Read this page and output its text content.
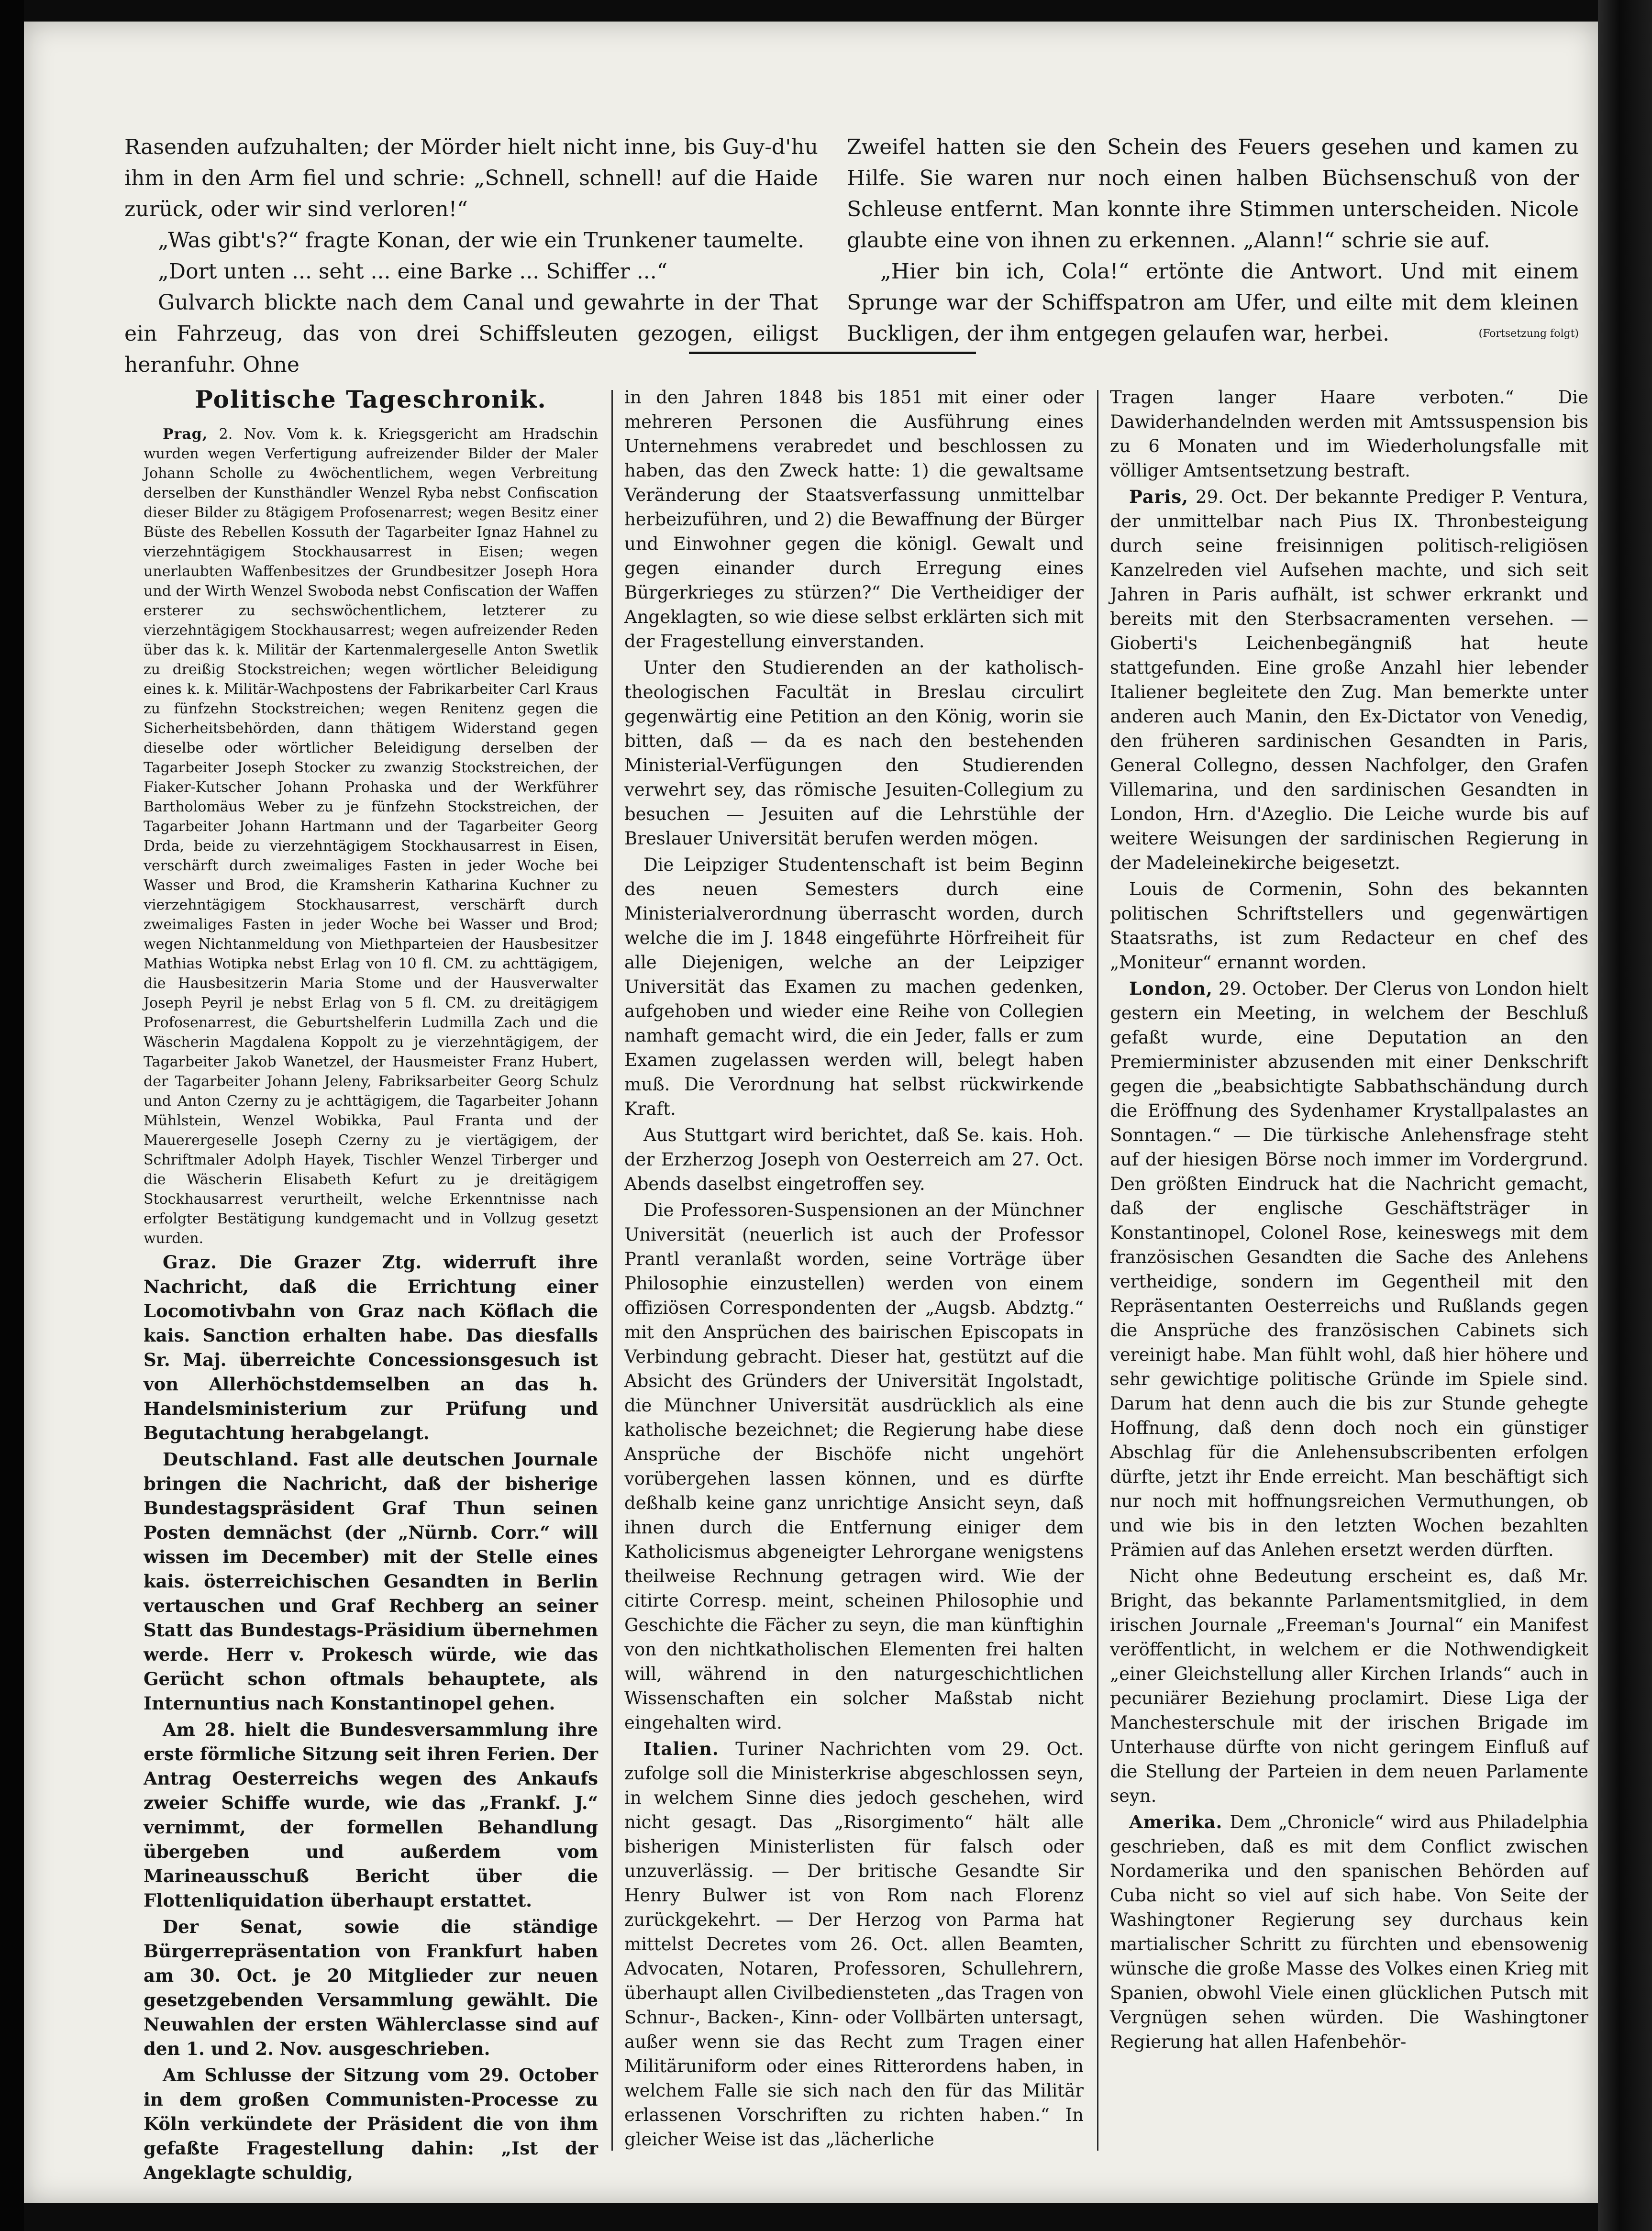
Rasenden aufzuhalten; der Mörder hielt nicht inne, bis Guy-d'hu ihm in den Arm fiel und schrie: „Schnell, schnell! auf die Haide zurück, oder wir sind verloren!“

„Was gibt's?“ fragte Konan, der wie ein Trunkener taumelte.

„Dort unten ... seht ... eine Barke ... Schiffer ...“

Gulvarch blickte nach dem Canal und gewahrte in der That ein Fahrzeug, das von drei Schiffsleuten gezogen, eiligst heranfuhr. Ohne

Zweifel hatten sie den Schein des Feuers gesehen und kamen zu Hilfe. Sie waren nur noch einen halben Büchsenschuß von der Schleuse entfernt. Man konnte ihre Stimmen unterscheiden. Nicole glaubte eine von ihnen zu erkennen. „Alann!“ schrie sie auf.

„Hier bin ich, Cola!“ ertönte die Antwort. Und mit einem Sprunge war der Schiffspatron am Ufer, und eilte mit dem kleinen Buckligen, der ihm entgegen gelaufen war, herbei.	(Fortsetzung folgt)

Politische Tageschronik.

Prag, 2. Nov. Vom k. k. Kriegsgericht am Hradschin wurden wegen Verfertigung aufreizender Bilder der Maler Johann Scholle zu 4wöchentlichem, wegen Verbreitung derselben der Kunsthändler Wenzel Ryba nebst Confiscation dieser Bilder zu 8tägigem Profosenarrest; wegen Besitz einer Büste des Rebellen Kossuth der Tagarbeiter Ignaz Hahnel zu vierzehntägigem Stockhausarrest in Eisen; wegen unerlaubten Waffenbesitzes der Grundbesitzer Joseph Hora und der Wirth Wenzel Swoboda nebst Confiscation der Waffen ersterer zu sechswöchentlichem, letzterer zu vierzehntägigem Stockhausarrest; wegen aufreizender Reden über das k. k. Militär der Kartenmalergeselle Anton Swetlik zu dreißig Stockstreichen; wegen wörtlicher Beleidigung eines k. k. Militär-Wachpostens der Fabrikarbeiter Carl Kraus zu fünfzehn Stockstreichen; wegen Renitenz gegen die Sicherheitsbehörden, dann thätigem Widerstand gegen dieselbe oder wörtlicher Beleidigung derselben der Tagarbeiter Joseph Stocker zu zwanzig Stockstreichen, der Fiaker-Kutscher Johann Prohaska und der Werkführer Bartholomäus Weber zu je fünfzehn Stockstreichen, der Tagarbeiter Johann Hartmann und der Tagarbeiter Georg Drda, beide zu vierzehntägigem Stockhausarrest in Eisen, verschärft durch zweimaliges Fasten in jeder Woche bei Wasser und Brod, die Kramsherin Katharina Kuchner zu vierzehntägigem Stockhausarrest, verschärft durch zweimaliges Fasten in jeder Woche bei Wasser und Brod; wegen Nichtanmeldung von Miethparteien der Hausbesitzer Mathias Wotipka nebst Erlag von 10 fl. CM. zu achttägigem, die Hausbesitzerin Maria Stome und der Hausverwalter Joseph Peyril je nebst Erlag von 5 fl. CM. zu dreitägigem Profosenarrest, die Geburtshelferin Ludmilla Zach und die Wäscherin Magdalena Koppolt zu je vierzehntägigem, der Tagarbeiter Jakob Wanetzel, der Hausmeister Franz Hubert, der Tagarbeiter Johann Jeleny, Fabriksarbeiter Georg Schulz und Anton Czerny zu je achttägigem, die Tagarbeiter Johann Mühlstein, Wenzel Wobikka, Paul Franta und der Mauerergeselle Joseph Czerny zu je viertägigem, der Schriftmaler Adolph Hayek, Tischler Wenzel Tirberger und die Wäscherin Elisabeth Kefurt zu je dreitägigem Stockhausarrest verurtheilt, welche Erkenntnisse nach erfolgter Bestätigung kundgemacht und in Vollzug gesetzt wurden.

Graz. Die Grazer Ztg. widerruft ihre Nachricht, daß die Errichtung einer Locomotivbahn von Graz nach Köflach die kais. Sanction erhalten habe. Das diesfalls Sr. Maj. überreichte Concessionsgesuch ist von Allerhöchstdemselben an das h. Handelsministerium zur Prüfung und Begutachtung herabgelangt.

Deutschland. Fast alle deutschen Journale bringen die Nachricht, daß der bisherige Bundestagspräsident Graf Thun seinen Posten demnächst (der „Nürnb. Corr.“ will wissen im December) mit der Stelle eines kais. österreichischen Gesandten in Berlin vertauschen und Graf Rechberg an seiner Statt das Bundestags-Präsidium übernehmen werde. Herr v. Prokesch würde, wie das Gerücht schon oftmals behauptete, als Internuntius nach Konstantinopel gehen.

Am 28. hielt die Bundesversammlung ihre erste förmliche Sitzung seit ihren Ferien. Der Antrag Oesterreichs wegen des Ankaufs zweier Schiffe wurde, wie das „Frankf. J.“ vernimmt, der formellen Behandlung übergeben und außerdem vom Marineausschuß Bericht über die Flottenliquidation überhaupt erstattet.

Der Senat, sowie die ständige Bürgerrepräsentation von Frankfurt haben am 30. Oct. je 20 Mitglieder zur neuen gesetzgebenden Versammlung gewählt. Die Neuwahlen der ersten Wählerclasse sind auf den 1. und 2. Nov. ausgeschrieben.

Am Schlusse der Sitzung vom 29. October in dem großen Communisten-Processe zu Köln verkündete der Präsident die von ihm gefaßte Fragestellung dahin: „Ist der Angeklagte schuldig,

in den Jahren 1848 bis 1851 mit einer oder mehreren Personen die Ausführung eines Unternehmens verabredet und beschlossen zu haben, das den Zweck hatte: 1) die gewaltsame Veränderung der Staatsverfassung unmittelbar herbeizuführen, und 2) die Bewaffnung der Bürger und Einwohner gegen die königl. Gewalt und gegen einander durch Erregung eines Bürgerkrieges zu stürzen?“ Die Vertheidiger der Angeklagten, so wie diese selbst erklärten sich mit der Fragestellung einverstanden.

Unter den Studierenden an der katholisch-theologischen Facultät in Breslau circulirt gegenwärtig eine Petition an den König, worin sie bitten, daß — da es nach den bestehenden Ministerial-Verfügungen den Studierenden verwehrt sey, das römische Jesuiten-Collegium zu besuchen — Jesuiten auf die Lehrstühle der Breslauer Universität berufen werden mögen.

Die Leipziger Studentenschaft ist beim Beginn des neuen Semesters durch eine Ministerialverordnung überrascht worden, durch welche die im J. 1848 eingeführte Hörfreiheit für alle Diejenigen, welche an der Leipziger Universität das Examen zu machen gedenken, aufgehoben und wieder eine Reihe von Collegien namhaft gemacht wird, die ein Jeder, falls er zum Examen zugelassen werden will, belegt haben muß. Die Verordnung hat selbst rückwirkende Kraft.

Aus Stuttgart wird berichtet, daß Se. kais. Hoh. der Erzherzog Joseph von Oesterreich am 27. Oct. Abends daselbst eingetroffen sey.

Die Professoren-Suspensionen an der Münchner Universität (neuerlich ist auch der Professor Prantl veranlaßt worden, seine Vorträge über Philosophie einzustellen) werden von einem offiziösen Correspondenten der „Augsb. Abdztg.“ mit den Ansprüchen des bairischen Episcopats in Verbindung gebracht. Dieser hat, gestützt auf die Absicht des Gründers der Universität Ingolstadt, die Münchner Universität ausdrücklich als eine katholische bezeichnet; die Regierung habe diese Ansprüche der Bischöfe nicht ungehört vorübergehen lassen können, und es dürfte deßhalb keine ganz unrichtige Ansicht seyn, daß ihnen durch die Entfernung einiger dem Katholicismus abgeneigter Lehrorgane wenigstens theilweise Rechnung getragen wird. Wie der citirte Corresp. meint, scheinen Philosophie und Geschichte die Fächer zu seyn, die man künftighin von den nichtkatholischen Elementen frei halten will, während in den naturgeschichtlichen Wissenschaften ein solcher Maßstab nicht eingehalten wird.

Italien. Turiner Nachrichten vom 29. Oct. zufolge soll die Ministerkrise abgeschlossen seyn, in welchem Sinne dies jedoch geschehen, wird nicht gesagt. Das „Risorgimento“ hält alle bisherigen Ministerlisten für falsch oder unzuverlässig. — Der britische Gesandte Sir Henry Bulwer ist von Rom nach Florenz zurückgekehrt. — Der Herzog von Parma hat mittelst Decretes vom 26. Oct. allen Beamten, Advocaten, Notaren, Professoren, Schullehrern, überhaupt allen Civilbediensteten „das Tragen von Schnur-, Backen-, Kinn- oder Vollbärten untersagt, außer wenn sie das Recht zum Tragen einer Militäruniform oder eines Ritterordens haben, in welchem Falle sie sich nach den für das Militär erlassenen Vorschriften zu richten haben.“ In gleicher Weise ist das „lächerliche

Tragen langer Haare verboten.“ Die Dawiderhandelnden werden mit Amtssuspension bis zu 6 Monaten und im Wiederholungsfalle mit völliger Amtsentsetzung bestraft.

Paris, 29. Oct. Der bekannte Prediger P. Ventura, der unmittelbar nach Pius IX. Thronbesteigung durch seine freisinnigen politisch-religiösen Kanzelreden viel Aufsehen machte, und sich seit Jahren in Paris aufhält, ist schwer erkrankt und bereits mit den Sterbsacramenten versehen. — Gioberti's Leichenbegängniß hat heute stattgefunden. Eine große Anzahl hier lebender Italiener begleitete den Zug. Man bemerkte unter anderen auch Manin, den Ex-Dictator von Venedig, den früheren sardinischen Gesandten in Paris, General Collegno, dessen Nachfolger, den Grafen Villemarina, und den sardinischen Gesandten in London, Hrn. d'Azeglio. Die Leiche wurde bis auf weitere Weisungen der sardinischen Regierung in der Madeleinekirche beigesetzt.

Louis de Cormenin, Sohn des bekannten politischen Schriftstellers und gegenwärtigen Staatsraths, ist zum Redacteur en chef des „Moniteur“ ernannt worden.

London, 29. October. Der Clerus von London hielt gestern ein Meeting, in welchem der Beschluß gefaßt wurde, eine Deputation an den Premierminister abzusenden mit einer Denkschrift gegen die „beabsichtigte Sabbathschändung durch die Eröffnung des Sydenhamer Krystallpalastes an Sonntagen.“ — Die türkische Anlehensfrage steht auf der hiesigen Börse noch immer im Vordergrund. Den größten Eindruck hat die Nachricht gemacht, daß der englische Geschäftsträger in Konstantinopel, Colonel Rose, keineswegs mit dem französischen Gesandten die Sache des Anlehens vertheidige, sondern im Gegentheil mit den Repräsentanten Oesterreichs und Rußlands gegen die Ansprüche des französischen Cabinets sich vereinigt habe. Man fühlt wohl, daß hier höhere und sehr gewichtige politische Gründe im Spiele sind. Darum hat denn auch die bis zur Stunde gehegte Hoffnung, daß denn doch noch ein günstiger Abschlag für die Anlehensubscribenten erfolgen dürfte, jetzt ihr Ende erreicht. Man beschäftigt sich nur noch mit hoffnungsreichen Vermuthungen, ob und wie bis in den letzten Wochen bezahlten Prämien auf das Anlehen ersetzt werden dürften.

Nicht ohne Bedeutung erscheint es, daß Mr. Bright, das bekannte Parlamentsmitglied, in dem irischen Journale „Freeman's Journal“ ein Manifest veröffentlicht, in welchem er die Nothwendigkeit „einer Gleichstellung aller Kirchen Irlands“ auch in pecuniärer Beziehung proclamirt. Diese Liga der Manchesterschule mit der irischen Brigade im Unterhause dürfte von nicht geringem Einfluß auf die Stellung der Parteien in dem neuen Parlamente seyn.

Amerika. Dem „Chronicle“ wird aus Philadelphia geschrieben, daß es mit dem Conflict zwischen Nordamerika und den spanischen Behörden auf Cuba nicht so viel auf sich habe. Von Seite der Washingtoner Regierung sey durchaus kein martialischer Schritt zu fürchten und ebensowenig wünsche die große Masse des Volkes einen Krieg mit Spanien, obwohl Viele einen glücklichen Putsch mit Vergnügen sehen würden. Die Washingtoner Regierung hat allen Hafenbehör-
